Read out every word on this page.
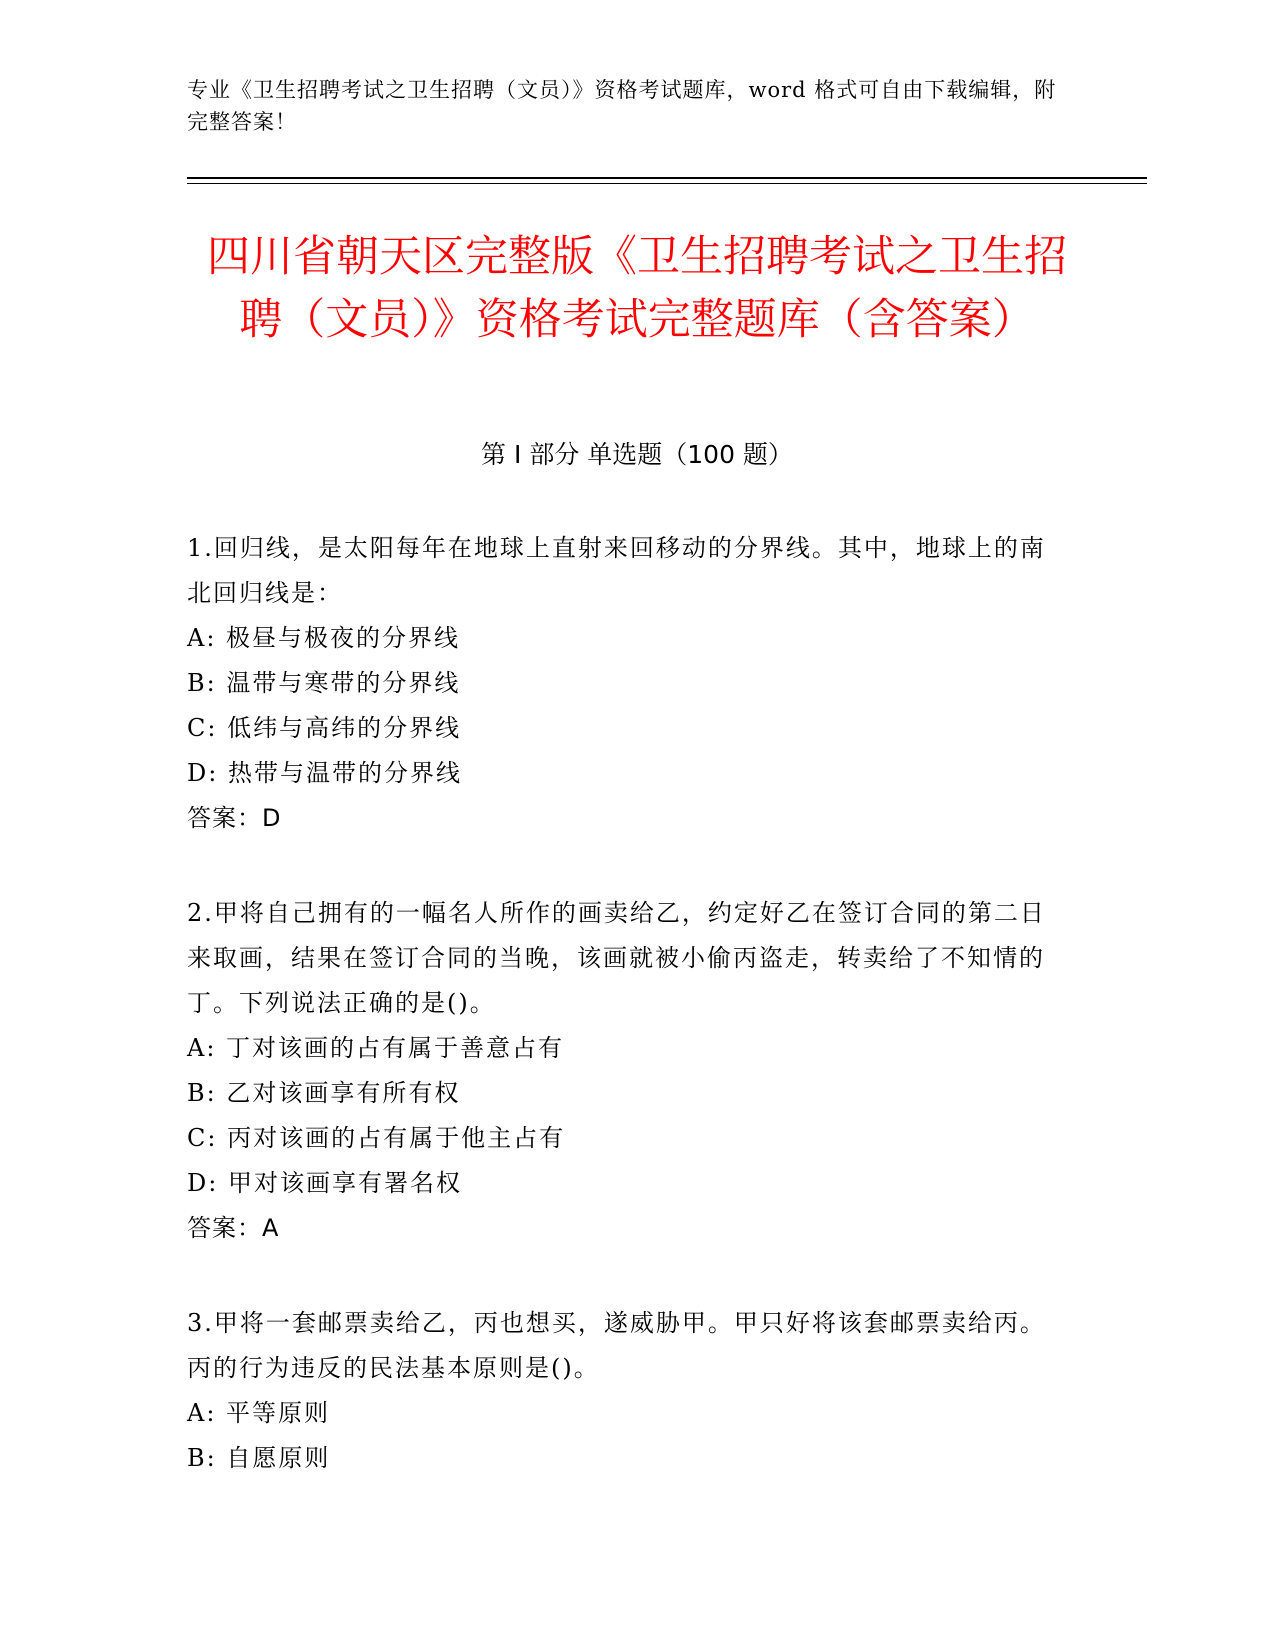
专业《卫生招聘考试之卫生招聘（文员）》资格考试题库，word 格式可自由下载编辑，附完整答案！
四川省朝天区完整版《卫生招聘考试之卫生招聘（文员）》资格考试完整题库（含答案）
第 I 部分 单选题（100 题）
1.回归线，是太阳每年在地球上直射来回移动的分界线。其中，地球上的南北回归线是：
A: 极昼与极夜的分界线
B: 温带与寒带的分界线
C: 低纬与高纬的分界线
D: 热带与温带的分界线
答案：D
2.甲将自己拥有的一幅名人所作的画卖给乙，约定好乙在签订合同的第二日来取画，结果在签订合同的当晚，该画就被小偷丙盗走，转卖给了不知情的丁。下列说法正确的是()。
A: 丁对该画的占有属于善意占有
B: 乙对该画享有所有权
C: 丙对该画的占有属于他主占有
D: 甲对该画享有署名权
答案：A
3.甲将一套邮票卖给乙，丙也想买，遂威胁甲。甲只好将该套邮票卖给丙。丙的行为违反的民法基本原则是()。
A: 平等原则
B: 自愿原则
